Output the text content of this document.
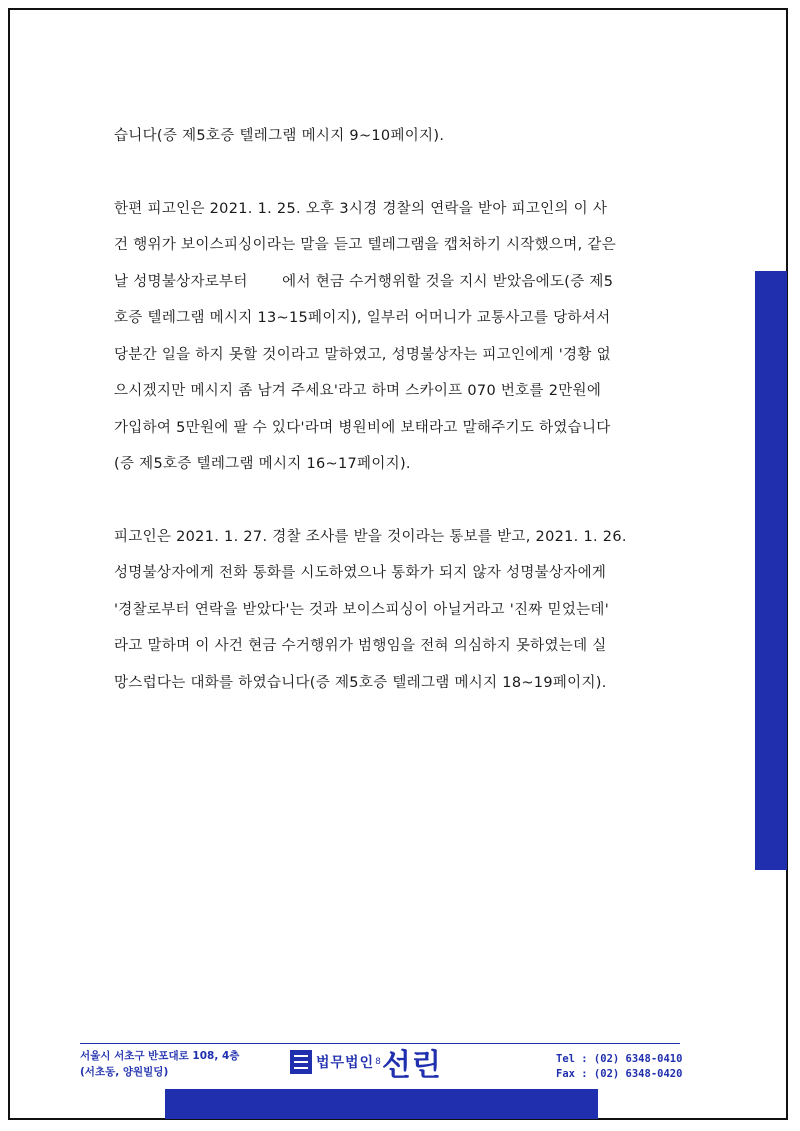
습니다(증 제5호증 텔레그램 메시지 9~10페이지).

한편 피고인은 2021. 1. 25. 오후 3시경 경찰의 연락을 받아 피고인의 이 사
건 행위가 보이스피싱이라는 말을 듣고 텔레그램을 캡처하기 시작했으며, 같은
날 성명불상자로부터 　　에서 현금 수거행위할 것을 지시 받았음에도(증 제5
호증 텔레그램 메시지 13~15페이지), 일부러 어머니가 교통사고를 당하셔서
당분간 일을 하지 못할 것이라고 말하였고, 성명불상자는 피고인에게 '경황 없
으시겠지만 메시지 좀 남겨 주세요'라고 하며 스카이프 070 번호를 2만원에
가입하여 5만원에 팔 수 있다'라며 병원비에 보태라고 말해주기도 하였습니다
(증 제5호증 텔레그램 메시지 16~17페이지).

피고인은 2021. 1. 27. 경찰 조사를 받을 것이라는 통보를 받고, 2021. 1. 26.
성명불상자에게 전화 통화를 시도하였으나 통화가 되지 않자 성명불상자에게
'경찰로부터 연락을 받았다'는 것과 보이스피싱이 아닐거라고 '진짜 믿었는데'
라고 말하며 이 사건 현금 수거행위가 범행임을 전혀 의심하지 못하였는데 실
망스럽다는 대화를 하였습니다(증 제5호증 텔레그램 메시지 18~19페이지).

서울시 서초구 반포대로 108, 4층
(서초동, 양원빌딩)
법무법인 8 선린	Tel : (02) 6348-0410
Fax : (02) 6348-0420
